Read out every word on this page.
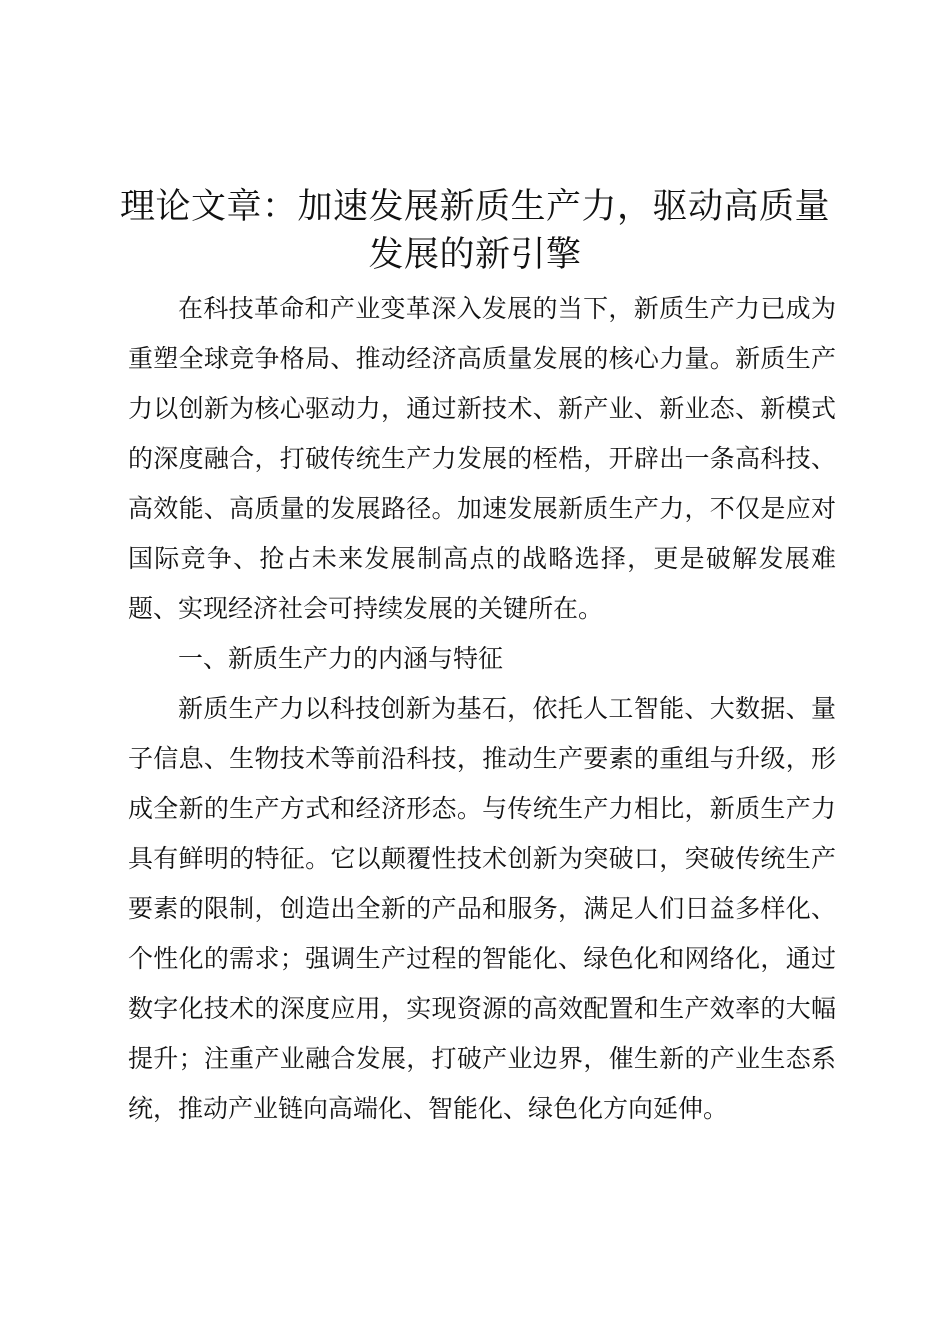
理论文章：加速发展新质生产力，驱动高质量发展的新引擎

在科技革命和产业变革深入发展的当下，新质生产力已成为重塑全球竞争格局、推动经济高质量发展的核心力量。新质生产力以创新为核心驱动力，通过新技术、新产业、新业态、新模式的深度融合，打破传统生产力发展的桎梏，开辟出一条高科技、高效能、高质量的发展路径。加速发展新质生产力，不仅是应对国际竞争、抢占未来发展制高点的战略选择，更是破解发展难题、实现经济社会可持续发展的关键所在。

一、新质生产力的内涵与特征

新质生产力以科技创新为基石，依托人工智能、大数据、量子信息、生物技术等前沿科技，推动生产要素的重组与升级，形成全新的生产方式和经济形态。与传统生产力相比，新质生产力具有鲜明的特征。它以颠覆性技术创新为突破口，突破传统生产要素的限制，创造出全新的产品和服务，满足人们日益多样化、个性化的需求；强调生产过程的智能化、绿色化和网络化，通过数字化技术的深度应用，实现资源的高效配置和生产效率的大幅提升；注重产业融合发展，打破产业边界，催生新的产业生态系统，推动产业链向高端化、智能化、绿色化方向延伸。
